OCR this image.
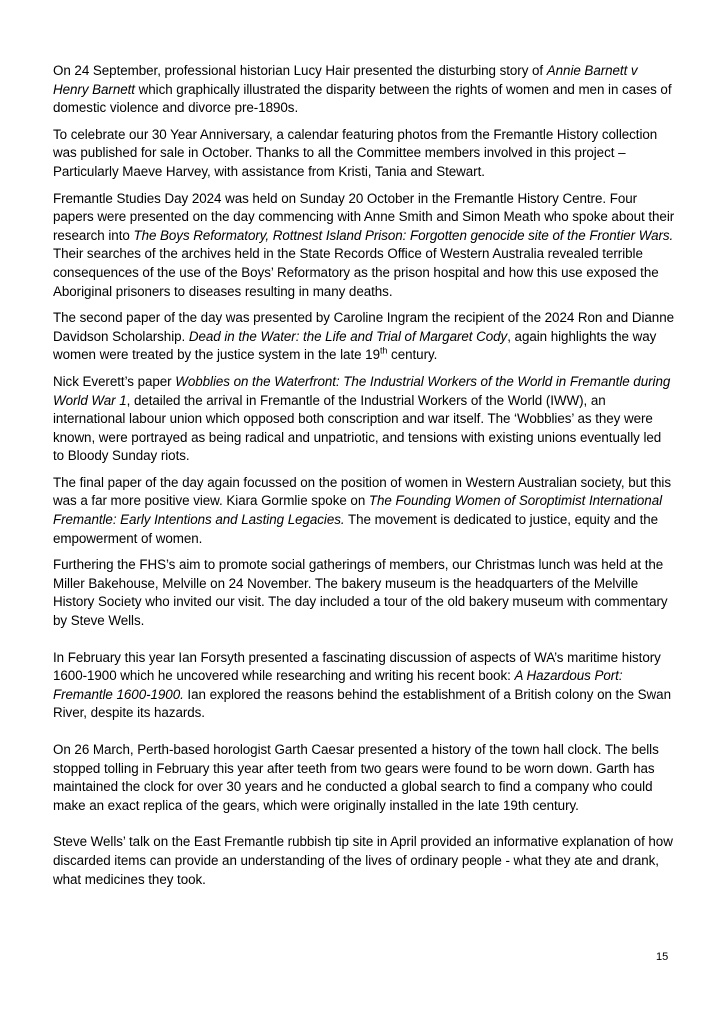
On 24 September, professional historian Lucy Hair presented the disturbing story of Annie Barnett v Henry Barnett which graphically illustrated the disparity between the rights of women and men in cases of domestic violence and divorce pre-1890s.

To celebrate our 30 Year Anniversary, a calendar featuring photos from the Fremantle History collection was published for sale in October. Thanks to all the Committee members involved in this project – Particularly Maeve Harvey, with assistance from Kristi, Tania and Stewart.

Fremantle Studies Day 2024 was held on Sunday 20 October in the Fremantle History Centre. Four papers were presented on the day commencing with Anne Smith and Simon Meath who spoke about their research into The Boys Reformatory, Rottnest Island Prison: Forgotten genocide site of the Frontier Wars. Their searches of the archives held in the State Records Office of Western Australia revealed terrible consequences of the use of the Boys’ Reformatory as the prison hospital and how this use exposed the Aboriginal prisoners to diseases resulting in many deaths.

The second paper of the day was presented by Caroline Ingram the recipient of the 2024 Ron and Dianne Davidson Scholarship. Dead in the Water: the Life and Trial of Margaret Cody, again highlights the way women were treated by the justice system in the late 19th century.

Nick Everett’s paper Wobblies on the Waterfront: The Industrial Workers of the World in Fremantle during World War 1, detailed the arrival in Fremantle of the Industrial Workers of the World (IWW), an international labour union which opposed both conscription and war itself. The ‘Wobblies’ as they were known, were portrayed as being radical and unpatriotic, and tensions with existing unions eventually led to Bloody Sunday riots.

The final paper of the day again focussed on the position of women in Western Australian society, but this was a far more positive view. Kiara Gormlie spoke on The Founding Women of Soroptimist International Fremantle: Early Intentions and Lasting Legacies. The movement is dedicated to justice, equity and the empowerment of women.

Furthering the FHS’s aim to promote social gatherings of members, our Christmas lunch was held at the Miller Bakehouse, Melville on 24 November. The bakery museum is the headquarters of the Melville History Society who invited our visit. The day included a tour of the old bakery museum with commentary by Steve Wells.

In February this year Ian Forsyth presented a fascinating discussion of aspects of WA’s maritime history 1600-1900 which he uncovered while researching and writing his recent book: A Hazardous Port: Fremantle 1600-1900. Ian explored the reasons behind the establishment of a British colony on the Swan River, despite its hazards.

On 26 March, Perth-based horologist Garth Caesar presented a history of the town hall clock. The bells stopped tolling in February this year after teeth from two gears were found to be worn down. Garth has maintained the clock for over 30 years and he conducted a global search to find a company who could make an exact replica of the gears, which were originally installed in the late 19th century.

Steve Wells’ talk on the East Fremantle rubbish tip site in April provided an informative explanation of how discarded items can provide an understanding of the lives of ordinary people - what they ate and drank, what medicines they took.

15
